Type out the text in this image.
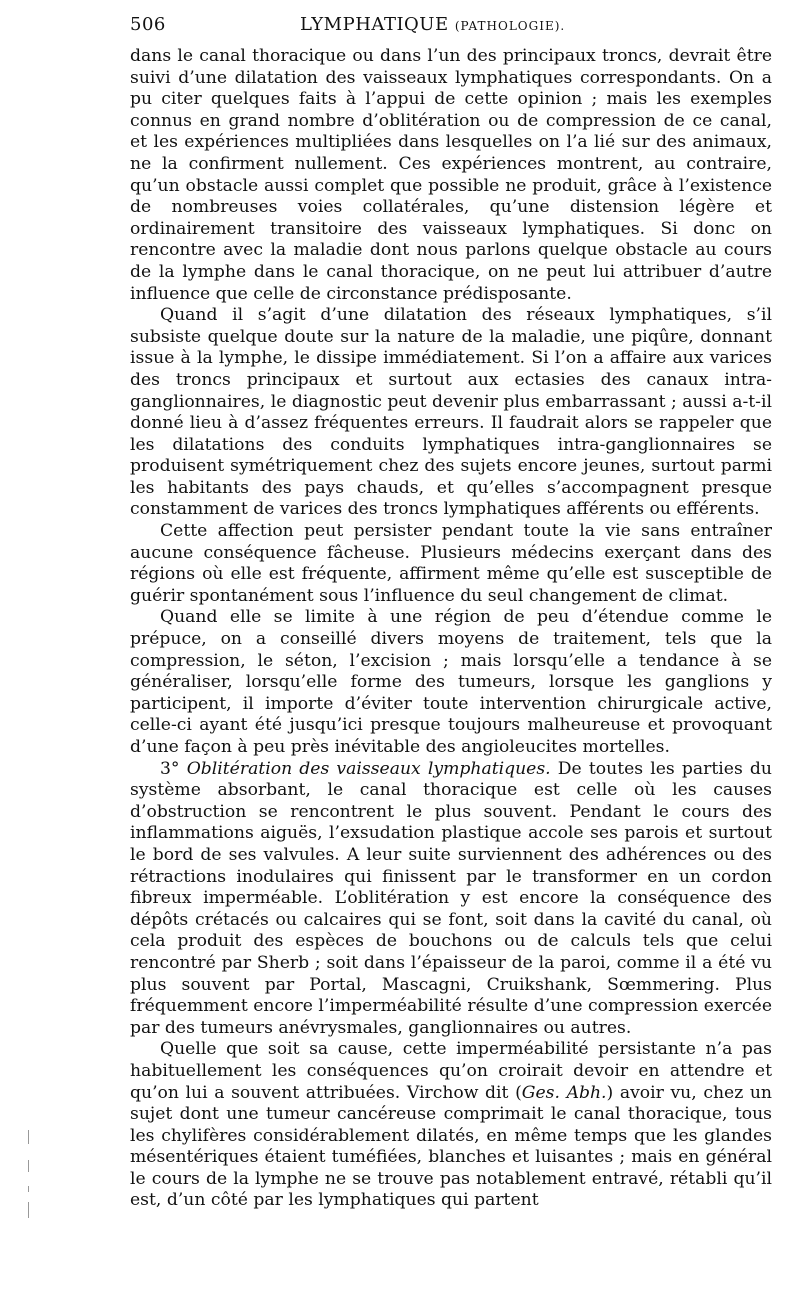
506	LYMPHATIQUE (PATHOLOGIE).

dans le canal thoracique ou dans l’un des principaux troncs, devrait être suivi d’une dilatation des vaisseaux lymphatiques correspondants. On a pu citer quelques faits à l’appui de cette opinion ; mais les exemples connus en grand nombre d’oblitération ou de compression de ce canal, et les expériences multipliées dans lesquelles on l’a lié sur des animaux, ne la confirment nullement. Ces expériences montrent, au contraire, qu’un obstacle aussi complet que possible ne produit, grâce à l’existence de nombreuses voies collatérales, qu’une distension légère et ordinairement transitoire des vaisseaux lymphatiques. Si donc on rencontre avec la maladie dont nous parlons quelque obstacle au cours de la lymphe dans le canal thoracique, on ne peut lui attribuer d’autre influence que celle de circonstance prédisposante.

Quand il s’agit d’une dilatation des réseaux lymphatiques, s’il subsiste quelque doute sur la nature de la maladie, une piqûre, donnant issue à la lymphe, le dissipe immédiatement. Si l’on a affaire aux varices des troncs principaux et surtout aux ectasies des canaux intra-ganglionnaires, le diagnostic peut devenir plus embarrassant ; aussi a-t-il donné lieu à d’assez fréquentes erreurs. Il faudrait alors se rappeler que les dilatations des conduits lymphatiques intra-ganglionnaires se produisent symétriquement chez des sujets encore jeunes, surtout parmi les habitants des pays chauds, et qu’elles s’accompagnent presque constamment de varices des troncs lymphatiques afférents ou efférents.

Cette affection peut persister pendant toute la vie sans entraîner aucune conséquence fâcheuse. Plusieurs médecins exerçant dans des régions où elle est fréquente, affirment même qu’elle est susceptible de guérir spontanément sous l’influence du seul changement de climat.

Quand elle se limite à une région de peu d’étendue comme le prépuce, on a conseillé divers moyens de traitement, tels que la compression, le séton, l’excision ; mais lorsqu’elle a tendance à se généraliser, lorsqu’elle forme des tumeurs, lorsque les ganglions y participent, il importe d’éviter toute intervention chirurgicale active, celle-ci ayant été jusqu’ici presque toujours malheureuse et provoquant d’une façon à peu près inévitable des angioleucites mortelles.

3° Oblitération des vaisseaux lymphatiques. De toutes les parties du système absorbant, le canal thoracique est celle où les causes d’obstruction se rencontrent le plus souvent. Pendant le cours des inflammations aiguës, l’exsudation plastique accole ses parois et surtout le bord de ses valvules. A leur suite surviennent des adhérences ou des rétractions inodulaires qui finissent par le transformer en un cordon fibreux imperméable. L’oblitération y est encore la conséquence des dépôts crétacés ou calcaires qui se font, soit dans la cavité du canal, où cela produit des espèces de bouchons ou de calculs tels que celui rencontré par Sherb ; soit dans l’épaisseur de la paroi, comme il a été vu plus souvent par Portal, Mascagni, Cruikshank, Sœmmering. Plus fréquemment encore l’imperméabilité résulte d’une compression exercée par des tumeurs anévrysmales, ganglionnaires ou autres.

Quelle que soit sa cause, cette imperméabilité persistante n’a pas habituellement les conséquences qu’on croirait devoir en attendre et qu’on lui a souvent attribuées. Virchow dit (Ges. Abh.) avoir vu, chez un sujet dont une tumeur cancéreuse comprimait le canal thoracique, tous les chylifères considérablement dilatés, en même temps que les glandes mésentériques étaient tuméfiées, blanches et luisantes ; mais en général le cours de la lymphe ne se trouve pas notablement entravé, rétabli qu’il est, d’un côté par les lymphatiques qui partent
